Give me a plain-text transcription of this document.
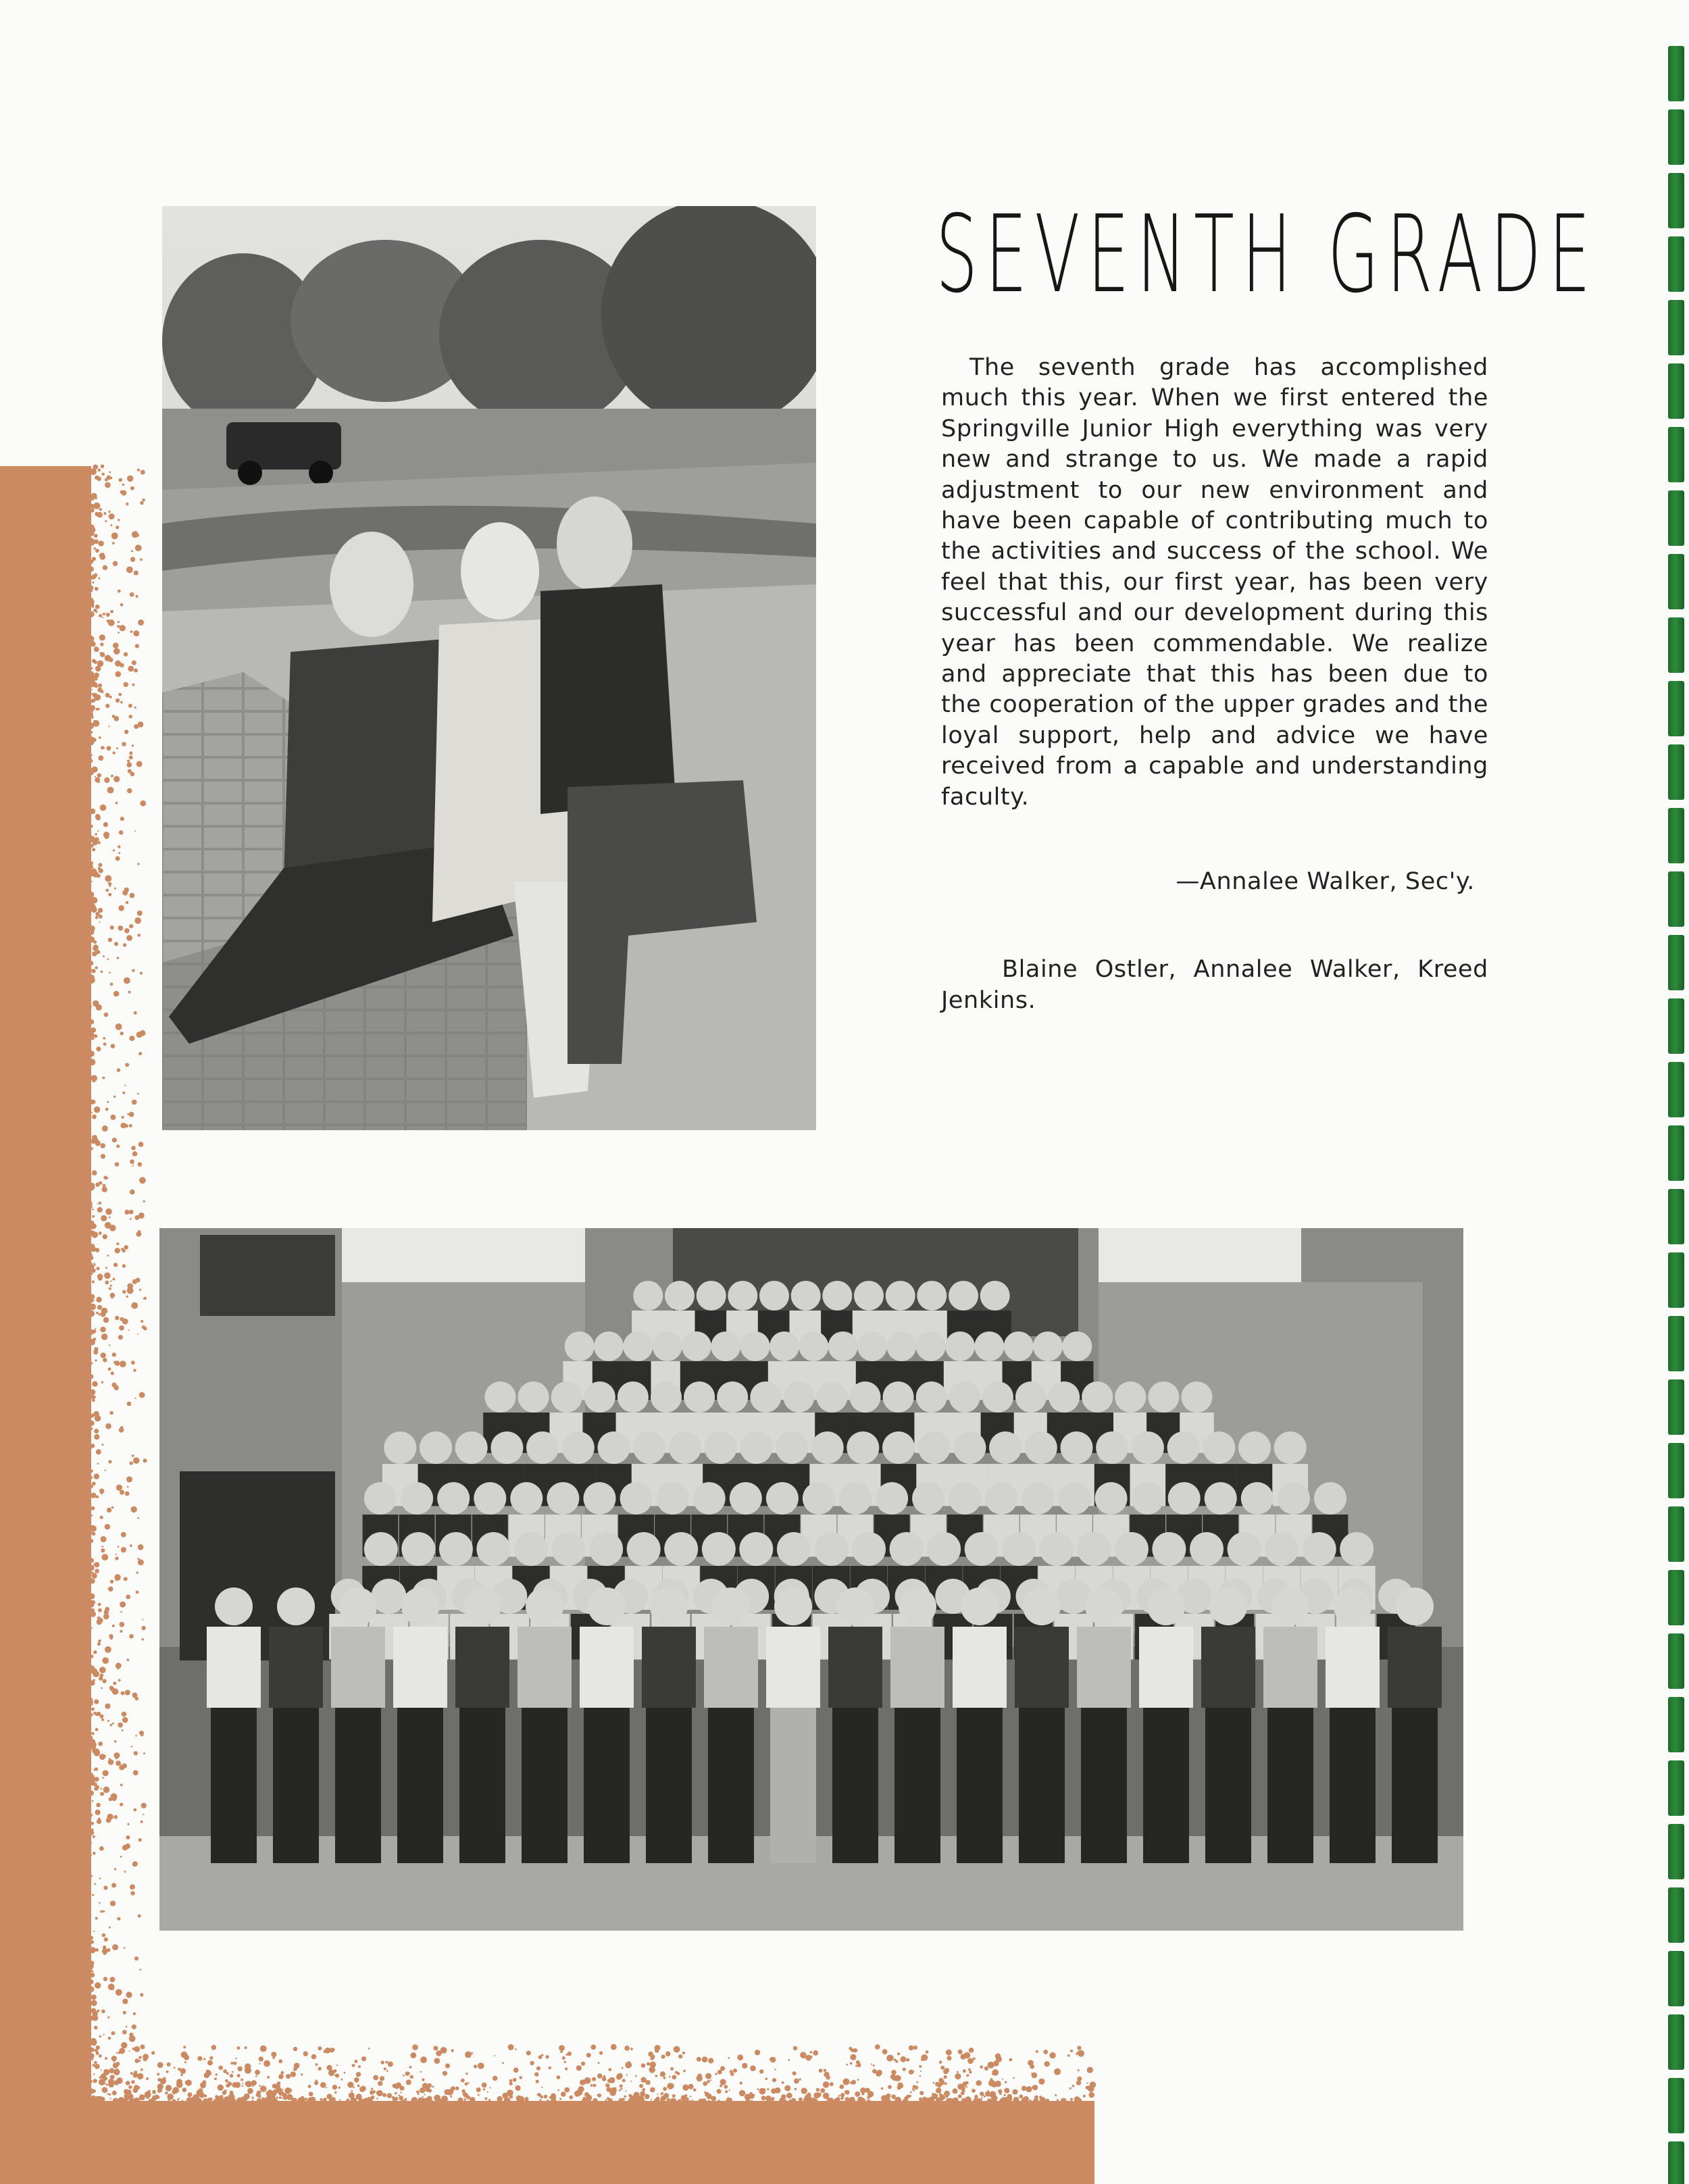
SEVENTH GRADE

The seventh grade has accomplished much this year. When we first entered the Springville Junior High everything was very new and strange to us. We made a rapid adjustment to our new environment and have been capable of contributing much to the activities and success of the school. We feel that this, our first year, has been very successful and our development during this year has been commendable. We realize and appreciate that this has been due to the cooperation of the upper grades and the loyal support, help and advice we have received from a capable and understanding faculty.

—Annalee Walker, Sec'y.
Blaine Ostler, Annalee Walker, Kreed Jenkins.
